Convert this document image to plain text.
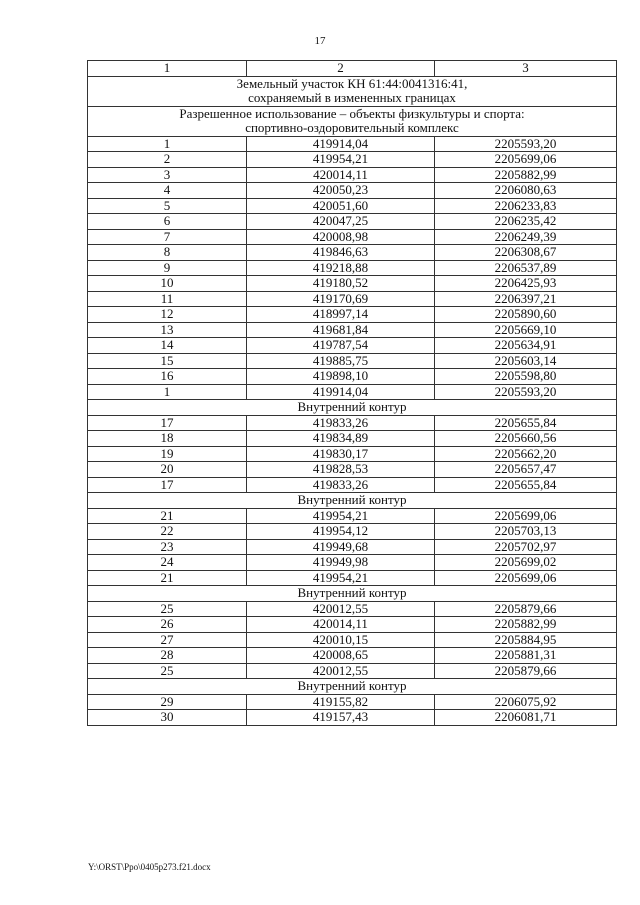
17
1	2	3
Земельный участок КН 61:44:0041316:41,
сохраняемый в измененных границах		
Разрешенное использование – объекты физкультуры и спорта:
спортивно-оздоровительный комплекс		
1	419914,04	2205593,20
2	419954,21	2205699,06
3	420014,11	2205882,99
4	420050,23	2206080,63
5	420051,60	2206233,83
6	420047,25	2206235,42
7	420008,98	2206249,39
8	419846,63	2206308,67
9	419218,88	2206537,89
10	419180,52	2206425,93
11	419170,69	2206397,21
12	418997,14	2205890,60
13	419681,84	2205669,10
14	419787,54	2205634,91
15	419885,75	2205603,14
16	419898,10	2205598,80
1	419914,04	2205593,20
Внутренний контур		
17	419833,26	2205655,84
18	419834,89	2205660,56
19	419830,17	2205662,20
20	419828,53	2205657,47
17	419833,26	2205655,84
Внутренний контур		
21	419954,21	2205699,06
22	419954,12	2205703,13
23	419949,68	2205702,97
24	419949,98	2205699,02
21	419954,21	2205699,06
Внутренний контур		
25	420012,55	2205879,66
26	420014,11	2205882,99
27	420010,15	2205884,95
28	420008,65	2205881,31
25	420012,55	2205879,66
Внутренний контур		
29	419155,82	2206075,92
30	419157,43	2206081,71
Y:\ORST\Ppo\0405p273.f21.docx
